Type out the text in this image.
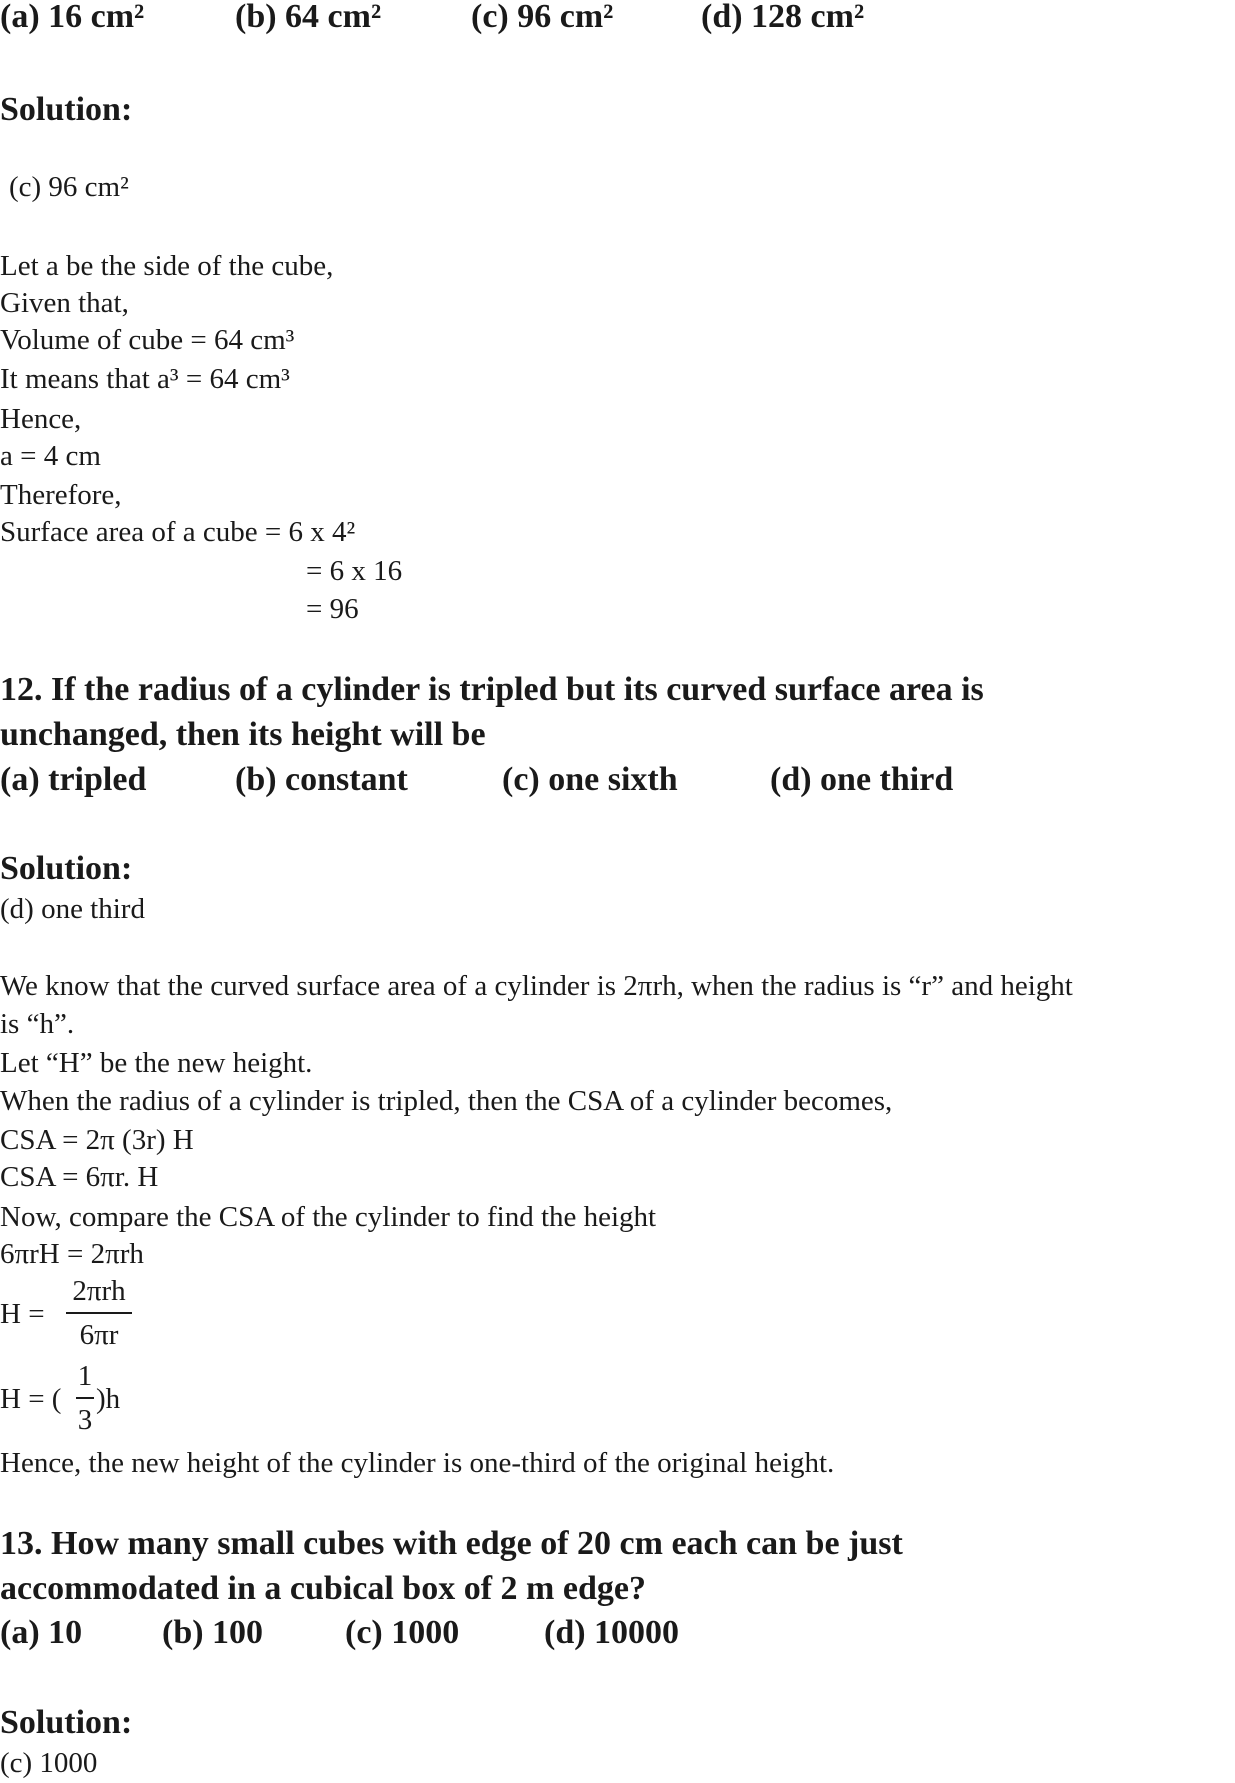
(a) 16 cm²	(b) 64 cm²	(c) 96 cm²	(d) 128 cm²
Solution:
(c) 96 cm²
Let a be the side of the cube,
Given that,
Volume of cube = 64 cm³
It means that a³ = 64 cm³
Hence,
a = 4 cm
Therefore,
Surface area of a cube = 6 x 4²
= 6 x 16
= 96
12. If the radius of a cylinder is tripled but its curved surface area is
unchanged, then its height will be
(a) tripled	(b) constant	(c) one sixth	(d) one third
Solution:
(d) one third
We know that the curved surface area of a cylinder is 2πrh, when the radius is “r” and height
is “h”.
Let “H” be the new height.
When the radius of a cylinder is tripled, then the CSA of a cylinder becomes,
CSA = 2π (3r) H
CSA = 6πr. H
Now, compare the CSA of the cylinder to find the height
6πrH = 2πrh
H =
2πrh
6πr
H = (
1
3
)h
Hence, the new height of the cylinder is one-third of the original height.
13. How many small cubes with edge of 20 cm each can be just
accommodated in a cubical box of 2 m edge?
(a) 10 (b) 100 (c) 1000 (d) 10000
Solution:
(c) 1000
